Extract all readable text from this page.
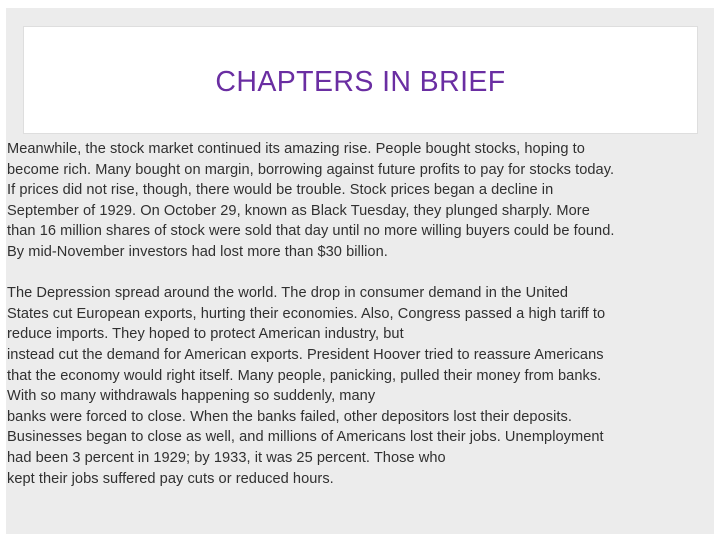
CHAPTERS IN BRIEF

Meanwhile, the stock market continued its amazing rise. People bought stocks, hoping to
become rich. Many bought on margin, borrowing against future profits to pay for stocks today.
If prices did not rise, though, there would be trouble. Stock prices began a decline in
September of 1929. On October 29, known as Black Tuesday, they plunged sharply. More
than 16 million shares of stock were sold that day until no more willing buyers could be found.
By mid-November investors had lost more than $30 billion.

The Depression spread around the world. The drop in consumer demand in the United
States cut European exports, hurting their economies. Also, Congress passed a high tariff to
reduce imports. They hoped to protect American industry, but
instead cut the demand for American exports. President Hoover tried to reassure Americans
that the economy would right itself. Many people, panicking, pulled their money from banks.
With so many withdrawals happening so suddenly, many
banks were forced to close. When the banks failed, other depositors lost their deposits.
Businesses began to close as well, and millions of Americans lost their jobs. Unemployment
had been 3 percent in 1929; by 1933, it was 25 percent. Those who
kept their jobs suffered pay cuts or reduced hours.
